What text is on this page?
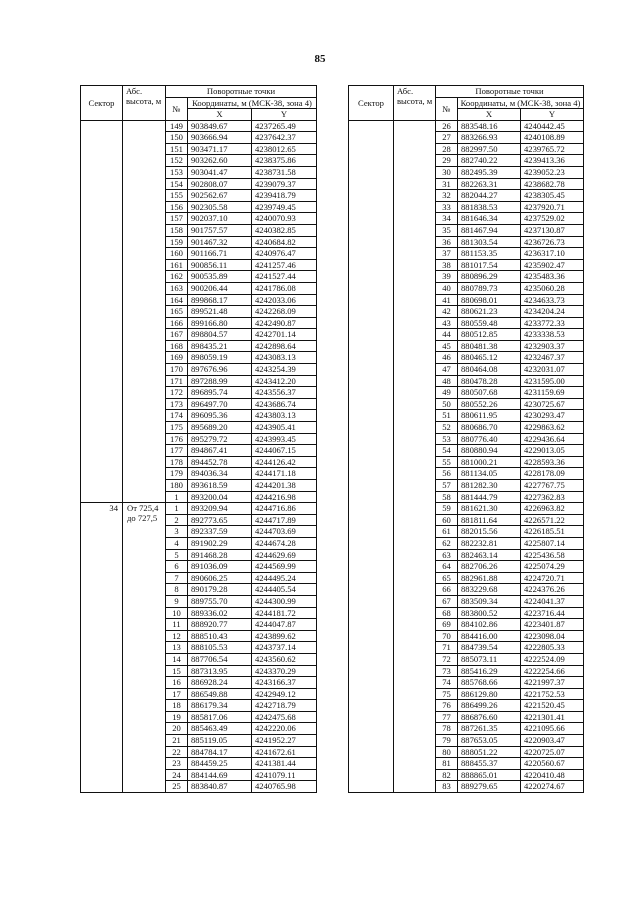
85
Сектор	Абс. высота, м	Поворотные точки		
		№	Координаты, м (МСК-38, зона 4)	
			X	Y
		149	903849.67	4237265.49
		150	903666.94	4237642.37
		151	903471.17	4238012.65
		152	903262.60	4238375.86
		153	903041.47	4238731.58
		154	902808.07	4239079.37
		155	902562.67	4239418.79
		156	902305.58	4239749.45
		157	902037.10	4240070.93
		158	901757.57	4240382.85
		159	901467.32	4240684.82
		160	901166.71	4240976.47
		161	900856.11	4241257.46
		162	900535.89	4241527.44
		163	900206.44	4241786.08
		164	899868.17	4242033.06
		165	899521.48	4242268.09
		166	899166.80	4242490.87
		167	898804.57	4242701.14
		168	898435.21	4242898.64
		169	898059.19	4243083.13
		170	897676.96	4243254.39
		171	897288.99	4243412.20
		172	896895.74	4243556.37
		173	896497.70	4243686.74
		174	896095.36	4243803.13
		175	895689.20	4243905.41
		176	895279.72	4243993.45
		177	894867.41	4244067.15
		178	894452.78	4244126.42
		179	894036.34	4244171.18
		180	893618.59	4244201.38
		1	893200.04	4244216.98
34	От 725,4 до 727,5	1	893209.94	4244716.86
		2	892773.65	4244717.89
		3	892337.59	4244703.69
		4	891902.29	4244674.28
		5	891468.28	4244629.69
		6	891036.09	4244569.99
		7	890606.25	4244495.24
		8	890179.28	4244405.54
		9	889755.70	4244300.99
		10	889336.02	4244181.72
		11	888920.77	4244047.87
		12	888510.43	4243899.62
		13	888105.53	4243737.14
		14	887706.54	4243560.62
		15	887313.95	4243370.29
		16	886928.24	4243166.37
		17	886549.88	4242949.12
		18	886179.34	4242718.79
		19	885817.06	4242475.68
		20	885463.49	4242220.06
		21	885119.05	4241952.27
		22	884784.17	4241672.61
		23	884459.25	4241381.44
		24	884144.69	4241079.11
		25	883840.87	4240765.98
Сектор	Абс. высота, м	Поворотные точки		
		№	Координаты, м (МСК-38, зона 4)	
			X	Y
		26	883548.16	4240442.45
		27	883266.93	4240108.89
		28	882997.50	4239765.72
		29	882740.22	4239413.36
		30	882495.39	4239052.23
		31	882263.31	4238682.78
		32	882044.27	4238305.45
		33	881838.53	4237920.71
		34	881646.34	4237529.02
		35	881467.94	4237130.87
		36	881303.54	4236726.73
		37	881153.35	4236317.10
		38	881017.54	4235902.47
		39	880896.29	4235483.36
		40	880789.73	4235060.28
		41	880698.01	4234633.73
		42	880621.23	4234204.24
		43	880559.48	4233772.33
		44	880512.85	4233338.53
		45	880481.38	4232903.37
		46	880465.12	4232467.37
		47	880464.08	4232031.07
		48	880478.28	4231595.00
		49	880507.68	4231159.69
		50	880552.26	4230725.67
		51	880611.95	4230293.47
		52	880686.70	4229863.62
		53	880776.40	4229436.64
		54	880880.94	4229013.05
		55	881000.21	4228593.36
		56	881134.05	4228178.09
		57	881282.30	4227767.75
		58	881444.79	4227362.83
		59	881621.30	4226963.82
		60	881811.64	4226571.22
		61	882015.56	4226185.51
		62	882232.81	4225807.14
		63	882463.14	4225436.58
		64	882706.26	4225074.29
		65	882961.88	4224720.71
		66	883229.68	4224376.26
		67	883509.34	4224041.37
		68	883800.52	4223716.44
		69	884102.86	4223401.87
		70	884416.00	4223098.04
		71	884739.54	4222805.33
		72	885073.11	4222524.09
		73	885416.29	4222254.66
		74	885768.66	4221997.37
		75	886129.80	4221752.53
		76	886499.26	4221520.45
		77	886876.60	4221301.41
		78	887261.35	4221095.66
		79	887653.05	4220903.47
		80	888051.22	4220725.07
		81	888455.37	4220560.67
		82	888865.01	4220410.48
		83	889279.65	4220274.67
